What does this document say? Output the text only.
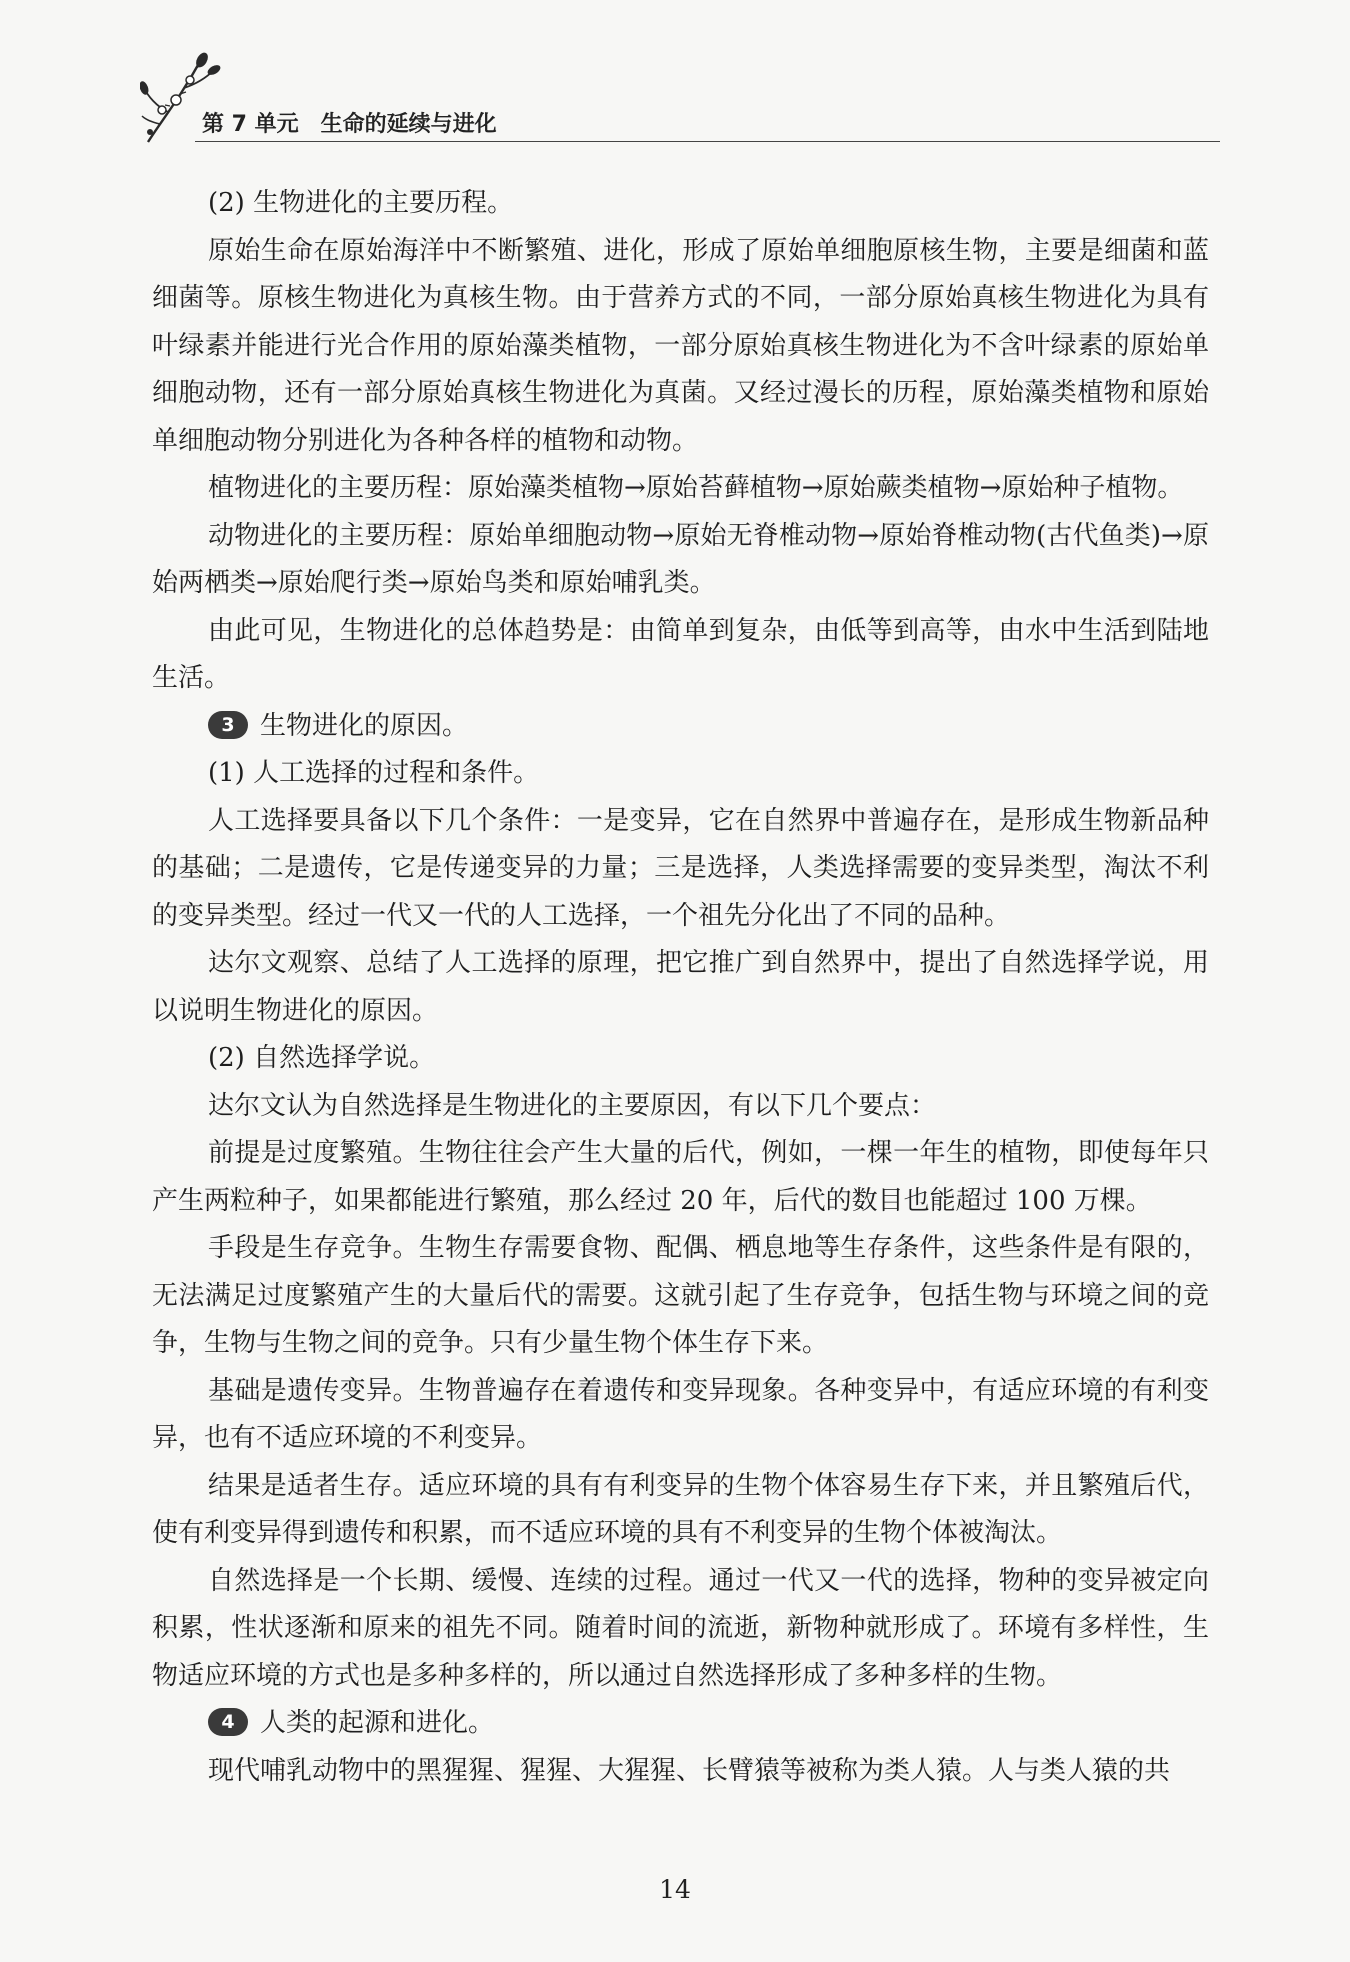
第 7 单元 生命的延续与进化

(2) 生物进化的主要历程。

原始生命在原始海洋中不断繁殖、进化，形成了原始单细胞原核生物，主要是细菌和蓝细菌等。原核生物进化为真核生物。由于营养方式的不同，一部分原始真核生物进化为具有叶绿素并能进行光合作用的原始藻类植物，一部分原始真核生物进化为不含叶绿素的原始单细胞动物，还有一部分原始真核生物进化为真菌。又经过漫长的历程，原始藻类植物和原始单细胞动物分别进化为各种各样的植物和动物。

植物进化的主要历程：原始藻类植物→原始苔藓植物→原始蕨类植物→原始种子植物。

动物进化的主要历程：原始单细胞动物→原始无脊椎动物→原始脊椎动物(古代鱼类)→原始两栖类→原始爬行类→原始鸟类和原始哺乳类。

由此可见，生物进化的总体趋势是：由简单到复杂，由低等到高等，由水中生活到陆地生活。

3 生物进化的原因。

(1) 人工选择的过程和条件。

人工选择要具备以下几个条件：一是变异，它在自然界中普遍存在，是形成生物新品种的基础；二是遗传，它是传递变异的力量；三是选择，人类选择需要的变异类型，淘汰不利的变异类型。经过一代又一代的人工选择，一个祖先分化出了不同的品种。

达尔文观察、总结了人工选择的原理，把它推广到自然界中，提出了自然选择学说，用以说明生物进化的原因。

(2) 自然选择学说。

达尔文认为自然选择是生物进化的主要原因，有以下几个要点：

前提是过度繁殖。生物往往会产生大量的后代，例如，一棵一年生的植物，即使每年只产生两粒种子，如果都能进行繁殖，那么经过 20 年，后代的数目也能超过 100 万棵。

手段是生存竞争。生物生存需要食物、配偶、栖息地等生存条件，这些条件是有限的，无法满足过度繁殖产生的大量后代的需要。这就引起了生存竞争，包括生物与环境之间的竞争，生物与生物之间的竞争。只有少量生物个体生存下来。

基础是遗传变异。生物普遍存在着遗传和变异现象。各种变异中，有适应环境的有利变异，也有不适应环境的不利变异。

结果是适者生存。适应环境的具有有利变异的生物个体容易生存下来，并且繁殖后代，使有利变异得到遗传和积累，而不适应环境的具有不利变异的生物个体被淘汰。

自然选择是一个长期、缓慢、连续的过程。通过一代又一代的选择，物种的变异被定向积累，性状逐渐和原来的祖先不同。随着时间的流逝，新物种就形成了。环境有多样性，生物适应环境的方式也是多种多样的，所以通过自然选择形成了多种多样的生物。

4 人类的起源和进化。

现代哺乳动物中的黑猩猩、猩猩、大猩猩、长臂猿等被称为类人猿。人与类人猿的共

14
